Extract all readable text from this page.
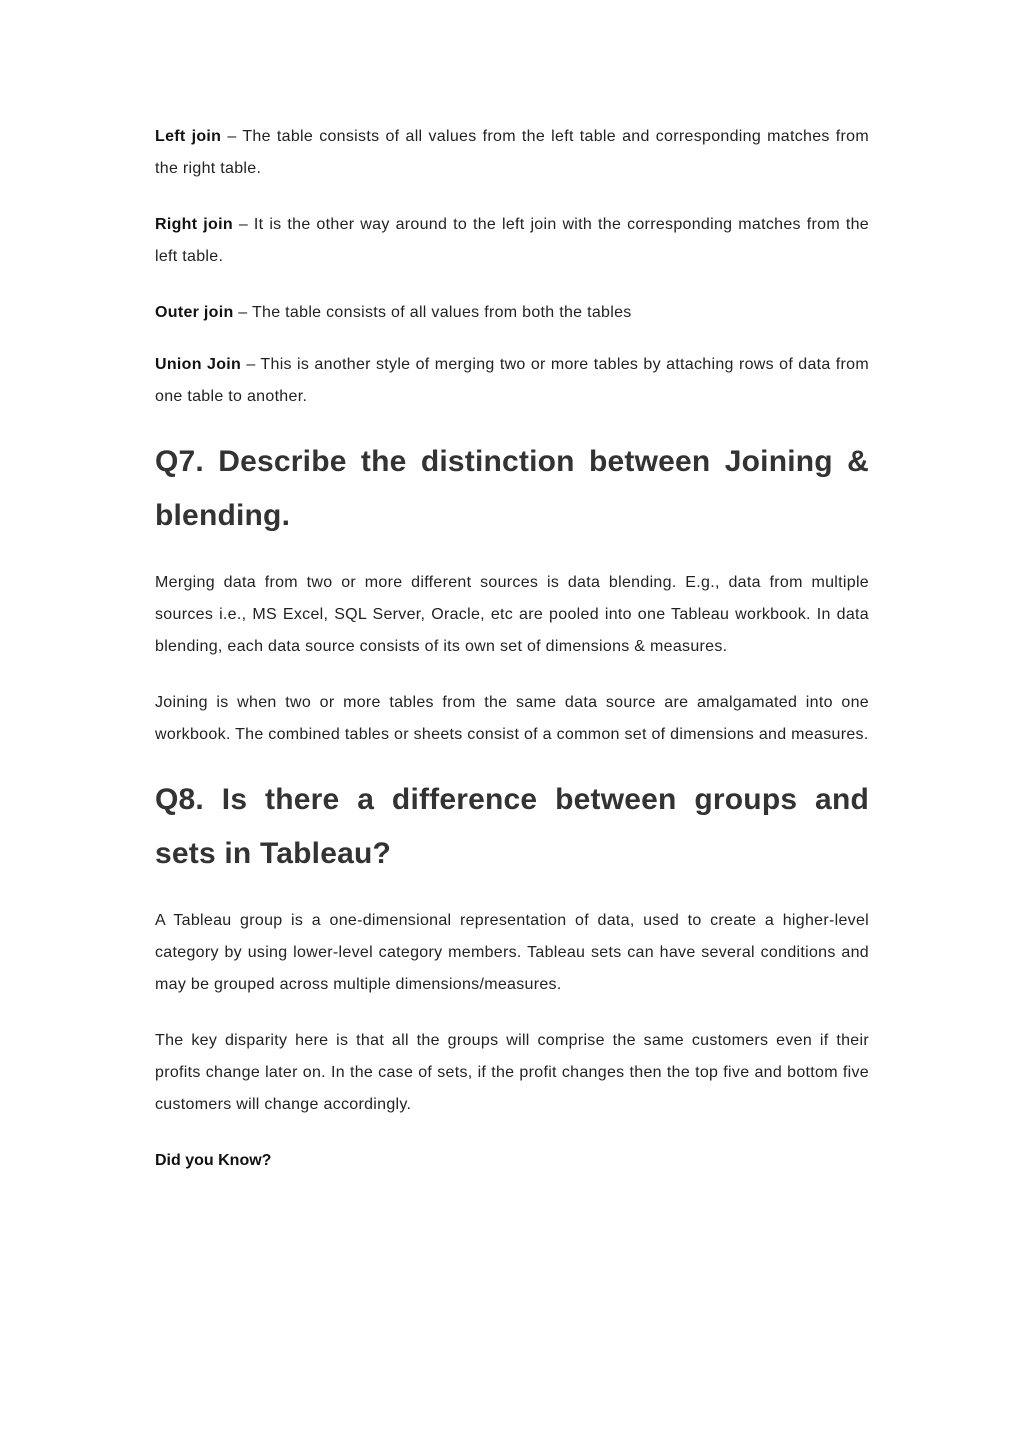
Left join – The table consists of all values from the left table and corresponding matches from the right table.

Right join – It is the other way around to the left join with the corresponding matches from the left table.

Outer join – The table consists of all values from both the tables

Union Join – This is another style of merging two or more tables by attaching rows of data from one table to another.

Q7. Describe the distinction between Joining & blending.

Merging data from two or more different sources is data blending. E.g., data from multiple sources i.e., MS Excel, SQL Server, Oracle, etc are pooled into one Tableau workbook. In data blending, each data source consists of its own set of dimensions & measures.

Joining is when two or more tables from the same data source are amalgamated into one workbook. The combined tables or sheets consist of a common set of dimensions and measures.

Q8. Is there a difference between groups and sets in Tableau?

A Tableau group is a one-dimensional representation of data, used to create a higher-level category by using lower-level category members. Tableau sets can have several conditions and may be grouped across multiple dimensions/measures.

The key disparity here is that all the groups will comprise the same customers even if their profits change later on. In the case of sets, if the profit changes then the top five and bottom five customers will change accordingly.

Did you Know?
